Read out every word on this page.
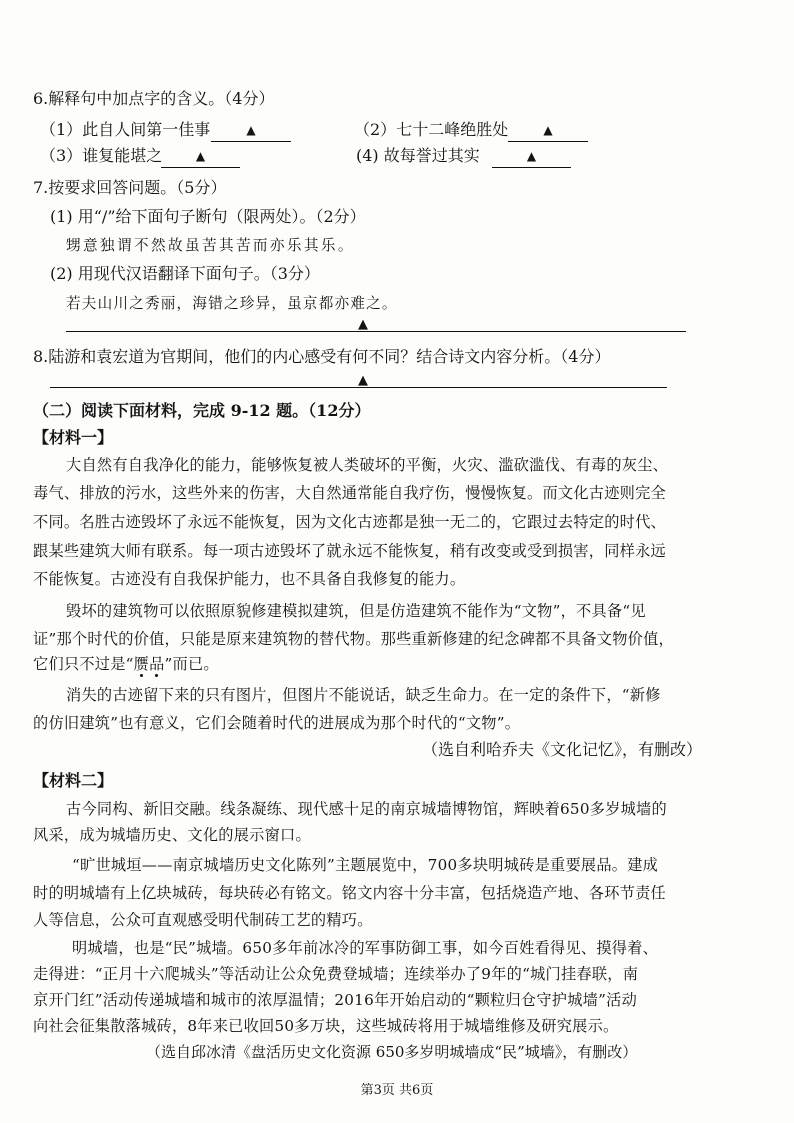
6.解释句中加点字的含义。（4分）
（1）此自人间第一佳事	▲	（2）七十二峰绝胜处	▲
（3）谁复能堪之	▲	(4) 故每誉过其实	▲
7.按要求回答问题。（5分）
(1) 用“/”给下面句子断句（限两处）。（2分）
甥意独谓不然故虽苦其苦而亦乐其乐。
(2) 用现代汉语翻译下面句子。（3分）
若夫山川之秀丽，海错之珍异，虽京都亦难之。
▲
8.陆游和袁宏道为官期间，他们的内心感受有何不同？结合诗文内容分析。（4分）
▲
（二）阅读下面材料，完成 9-12 题。（12分）
【材料一】
大自然有自我净化的能力，能够恢复被人类破坏的平衡，火灾、滥砍滥伐、有毒的灰尘、
毒气、排放的污水，这些外来的伤害，大自然通常能自我疗伤，慢慢恢复。而文化古迹则完全
不同。名胜古迹毁坏了永远不能恢复，因为文化古迹都是独一无二的，它跟过去特定的时代、
跟某些建筑大师有联系。每一项古迹毁坏了就永远不能恢复，稍有改变或受到损害，同样永远
不能恢复。古迹没有自我保护能力，也不具备自我修复的能力。
毁坏的建筑物可以依照原貌修建模拟建筑，但是仿造建筑不能作为“文物”，不具备“见
证”那个时代的价值，只能是原来建筑物的替代物。那些重新修建的纪念碑都不具备文物价值，
它们只不过是“赝品”而已。
消失的古迹留下来的只有图片，但图片不能说话，缺乏生命力。在一定的条件下，“新修
的仿旧建筑”也有意义，它们会随着时代的进展成为那个时代的“文物”。
（选自利哈乔夫《文化记忆》，有删改）
【材料二】
古今同构、新旧交融。线条凝练、现代感十足的南京城墙博物馆，辉映着650多岁城墙的
风采，成为城墙历史、文化的展示窗口。
“旷世城垣——南京城墙历史文化陈列”主题展览中，700多块明城砖是重要展品。建成
时的明城墙有上亿块城砖，每块砖必有铭文。铭文内容十分丰富，包括烧造产地、各环节责任
人等信息，公众可直观感受明代制砖工艺的精巧。
明城墙，也是“民”城墙。650多年前冰冷的军事防御工事，如今百姓看得见、摸得着、
走得进：“正月十六爬城头”等活动让公众免费登城墙；连续举办了9年的“城门挂春联，南
京开门红”活动传递城墙和城市的浓厚温情；2016年开始启动的“颗粒归仓守护城墙”活动
向社会征集散落城砖，8年来已收回50多万块，这些城砖将用于城墙维修及研究展示。
（选自邱冰清《盘活历史文化资源 650多岁明城墙成“民”城墙》，有删改）
第3页 共6页
